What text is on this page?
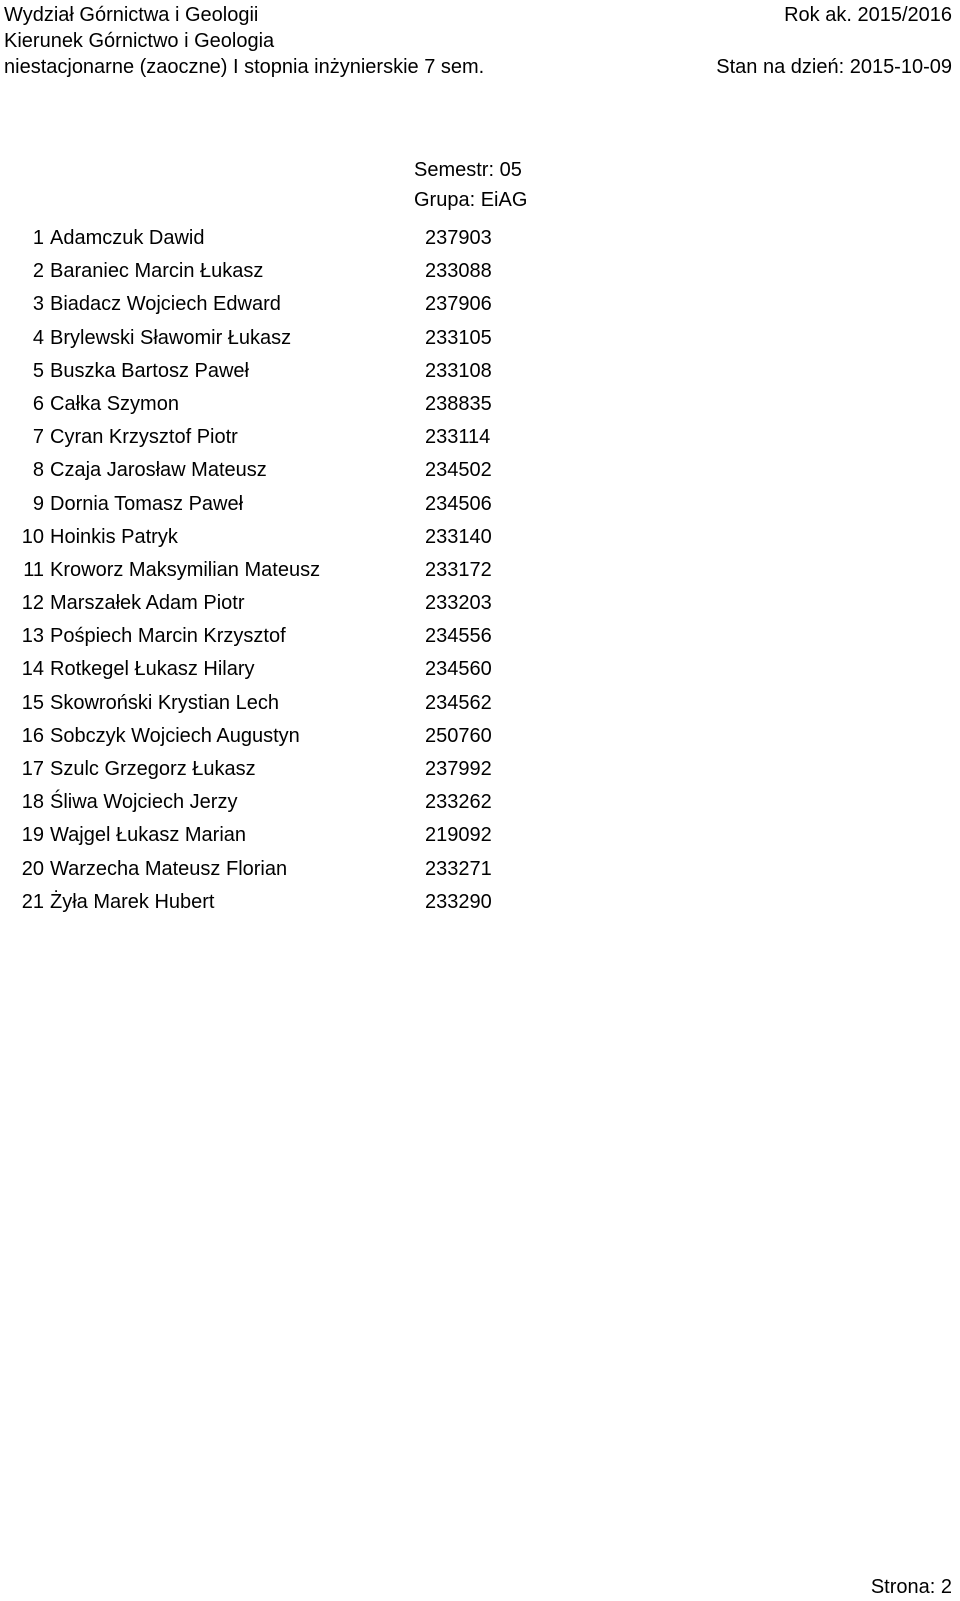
Wydział Górnictwa i Geologii
Kierunek Górnictwo i Geologia
niestacjonarne (zaoczne) I stopnia inżynierskie 7 sem.
Rok ak. 2015/2016
Stan na dzień: 2015-10-09
Semestr: 05
Grupa: EiAG
1 Adamczuk Dawid	237903
2 Baraniec Marcin Łukasz	233088
3 Biadacz Wojciech Edward	237906
4 Brylewski Sławomir Łukasz	233105
5 Buszka Bartosz Paweł	233108
6 Całka Szymon	238835
7 Cyran Krzysztof Piotr	233114
8 Czaja Jarosław Mateusz	234502
9 Dornia Tomasz Paweł	234506
10 Hoinkis Patryk	233140
11 Kroworz Maksymilian Mateusz	233172
12 Marszałek Adam Piotr	233203
13 Pośpiech Marcin Krzysztof	234556
14 Rotkegel Łukasz Hilary	234560
15 Skowroński Krystian Lech	234562
16 Sobczyk Wojciech Augustyn	250760
17 Szulc Grzegorz Łukasz	237992
18 Śliwa Wojciech Jerzy	233262
19 Wajgel Łukasz Marian	219092
20 Warzecha Mateusz Florian	233271
21 Żyła Marek Hubert	233290
Strona: 2
